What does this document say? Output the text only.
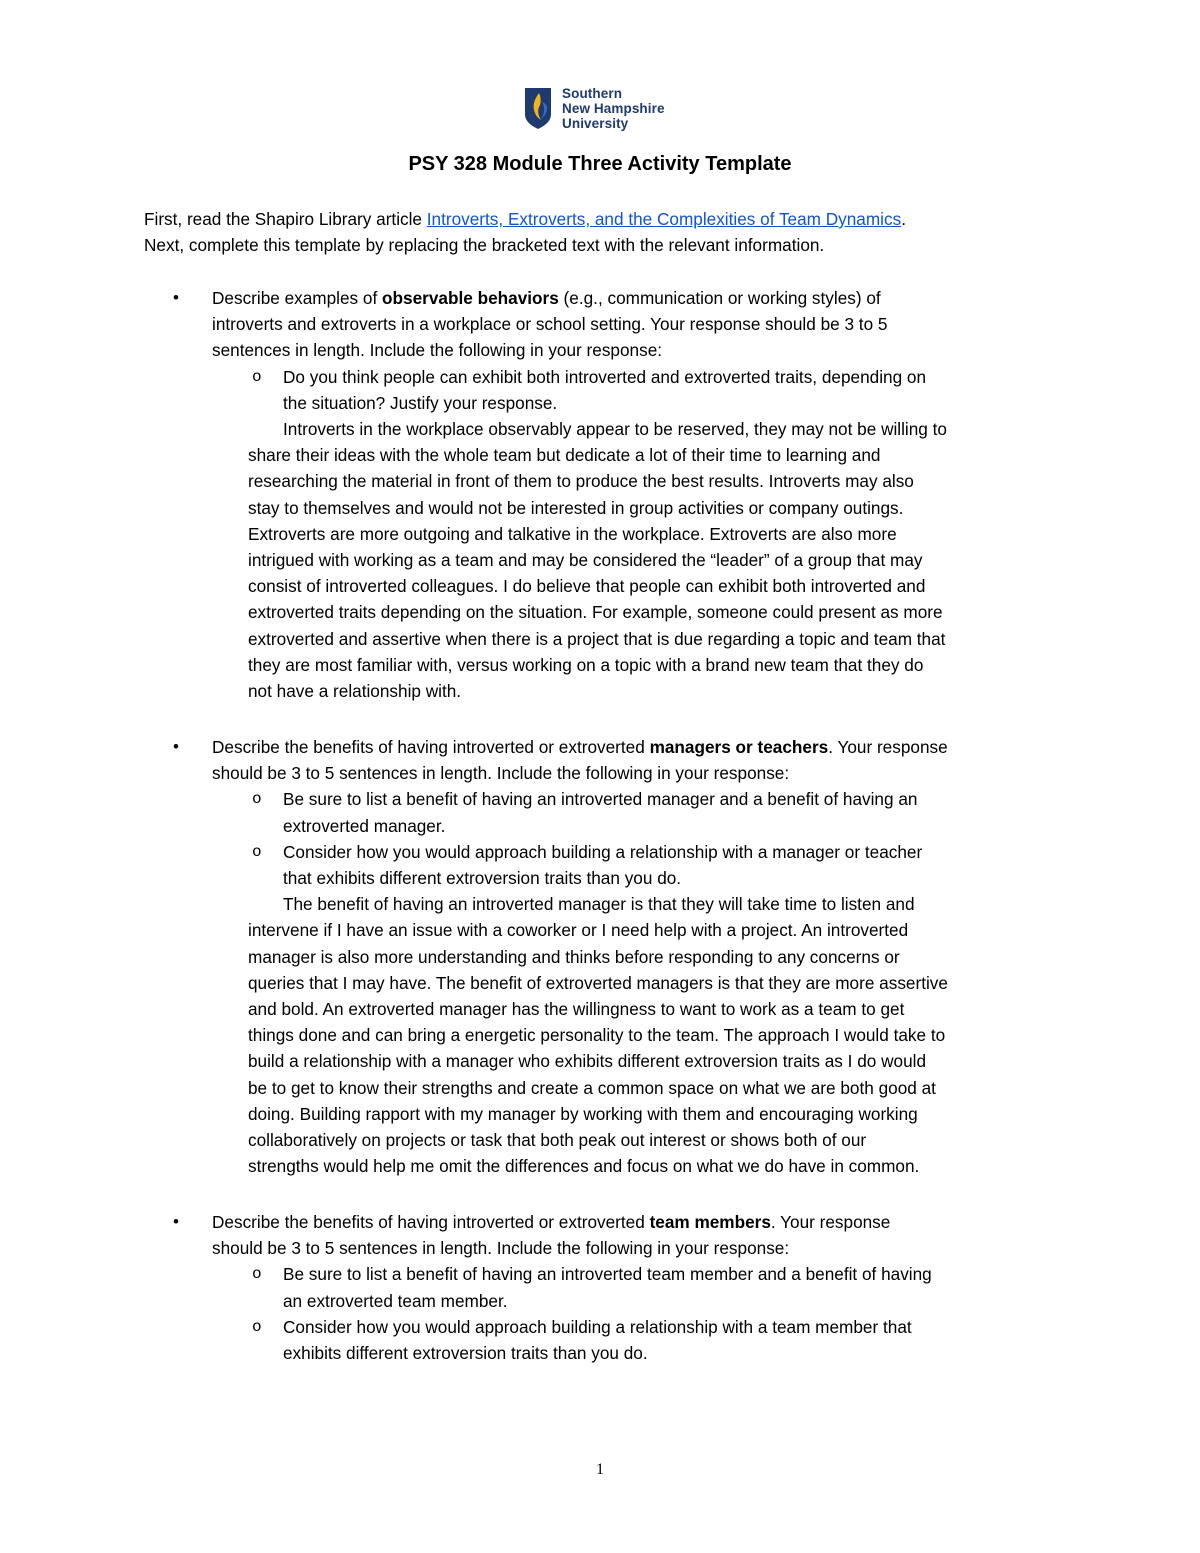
Southern
New Hampshire
University
PSY 328 Module Three Activity Template
First, read the Shapiro Library article Introverts, Extroverts, and the Complexities of Team Dynamics.
Next, complete this template by replacing the bracketed text with the relevant information.
• Describe examples of observable behaviors (e.g., communication or working styles) of
introverts and extroverts in a workplace or school setting. Your response should be 3 to 5
sentences in length. Include the following in your response:
o Do you think people can exhibit both introverted and extroverted traits, depending on
the situation? Justify your response.
Introverts in the workplace observably appear to be reserved, they may not be willing to
share their ideas with the whole team but dedicate a lot of their time to learning and
researching the material in front of them to produce the best results. Introverts may also
stay to themselves and would not be interested in group activities or company outings.
Extroverts are more outgoing and talkative in the workplace. Extroverts are also more
intrigued with working as a team and may be considered the “leader” of a group that may
consist of introverted colleagues. I do believe that people can exhibit both introverted and
extroverted traits depending on the situation. For example, someone could present as more
extroverted and assertive when there is a project that is due regarding a topic and team that
they are most familiar with, versus working on a topic with a brand new team that they do
not have a relationship with.
• Describe the benefits of having introverted or extroverted managers or teachers. Your response
should be 3 to 5 sentences in length. Include the following in your response:
o Be sure to list a benefit of having an introverted manager and a benefit of having an
extroverted manager.
o Consider how you would approach building a relationship with a manager or teacher
that exhibits different extroversion traits than you do.
The benefit of having an introverted manager is that they will take time to listen and
intervene if I have an issue with a coworker or I need help with a project. An introverted
manager is also more understanding and thinks before responding to any concerns or
queries that I may have. The benefit of extroverted managers is that they are more assertive
and bold. An extroverted manager has the willingness to want to work as a team to get
things done and can bring a energetic personality to the team. The approach I would take to
build a relationship with a manager who exhibits different extroversion traits as I do would
be to get to know their strengths and create a common space on what we are both good at
doing. Building rapport with my manager by working with them and encouraging working
collaboratively on projects or task that both peak out interest or shows both of our
strengths would help me omit the differences and focus on what we do have in common.
• Describe the benefits of having introverted or extroverted team members. Your response
should be 3 to 5 sentences in length. Include the following in your response:
o Be sure to list a benefit of having an introverted team member and a benefit of having
an extroverted team member.
o Consider how you would approach building a relationship with a team member that
exhibits different extroversion traits than you do.
1
